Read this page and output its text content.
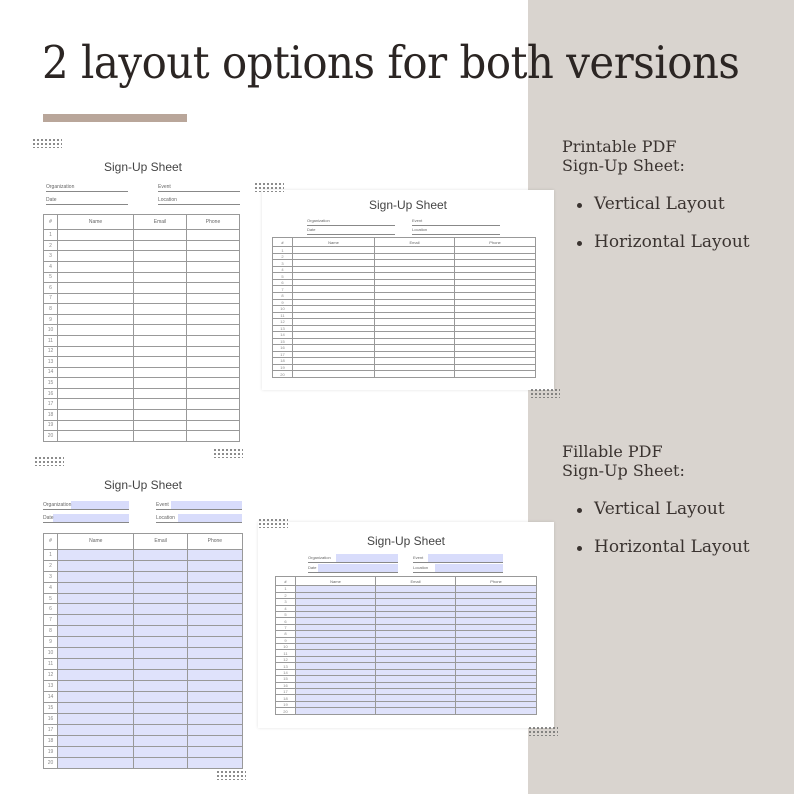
2 layout options for both versions
Sign-Up Sheet
Organization	Event
Date	Location
#	Name	Email	Phone
1			
2			
3			
4			
5			
6			
7			
8			
9			
10			
11			
12			
13			
14			
15			
16			
17			
18			
19			
20			
Sign-Up Sheet
Organization	Event
Date	Location
#	Name	Email	Phone
1			
2			
3			
4			
5			
6			
7			
8			
9			
10			
11			
12			
13			
14			
15			
16			
17			
18			
19			
20			
Sign-Up Sheet
Organization	Event
Date	Location
#	Name	Email	Phone
1			
2			
3			
4			
5			
6			
7			
8			
9			
10			
11			
12			
13			
14			
15			
16			
17			
18			
19			
20			
Sign-Up Sheet
Organization	Event
Date	Location
#	Name	Email	Phone
1			
2			
3			
4			
5			
6			
7			
8			
9			
10			
11			
12			
13			
14			
15			
16			
17			
18			
19			
20			
Printable PDF
Sign-Up Sheet:
Vertical Layout
Horizontal Layout
Fillable PDF
Sign-Up Sheet:
Vertical Layout
Horizontal Layout
